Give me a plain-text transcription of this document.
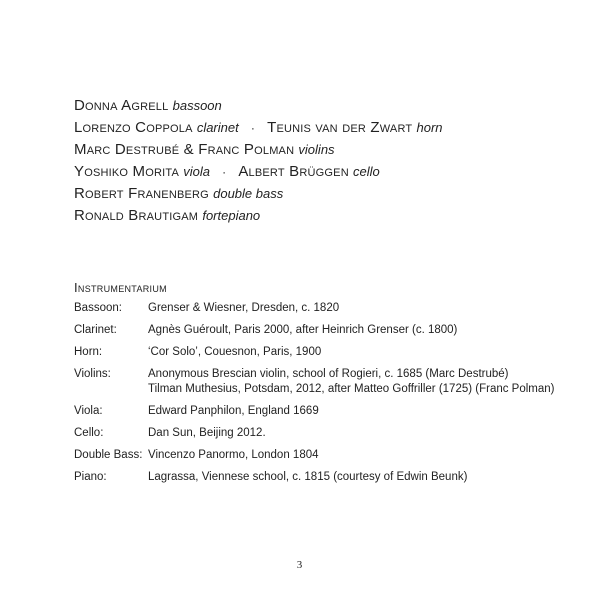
Donna Agrell bassoon
Lorenzo Coppola clarinet · Teunis van der Zwart horn
Marc Destrubé & Franc Polman violins
Yoshiko Morita viola · Albert Brüggen cello
Robert Franenberg double bass
Ronald Brautigam fortepiano
Instrumentarium
Bassoon:	Grenser & Wiesner, Dresden, c. 1820
Clarinet:	Agnès Guéroult, Paris 2000, after Heinrich Grenser (c. 1800)
Horn:	‘Cor Solo’, Couesnon, Paris, 1900
Violins:	Anonymous Brescian violin, school of Rogieri, c. 1685 (Marc Destrubé)
Tilman Muthesius, Potsdam, 2012, after Matteo Goffriller (1725) (Franc Polman)
Viola:	Edward Panphilon, England 1669
Cello:	Dan Sun, Beijing 2012.
Double Bass: Vincenzo Panormo, London 1804
Piano:	Lagrassa, Viennese school, c. 1815 (courtesy of Edwin Beunk)
3
